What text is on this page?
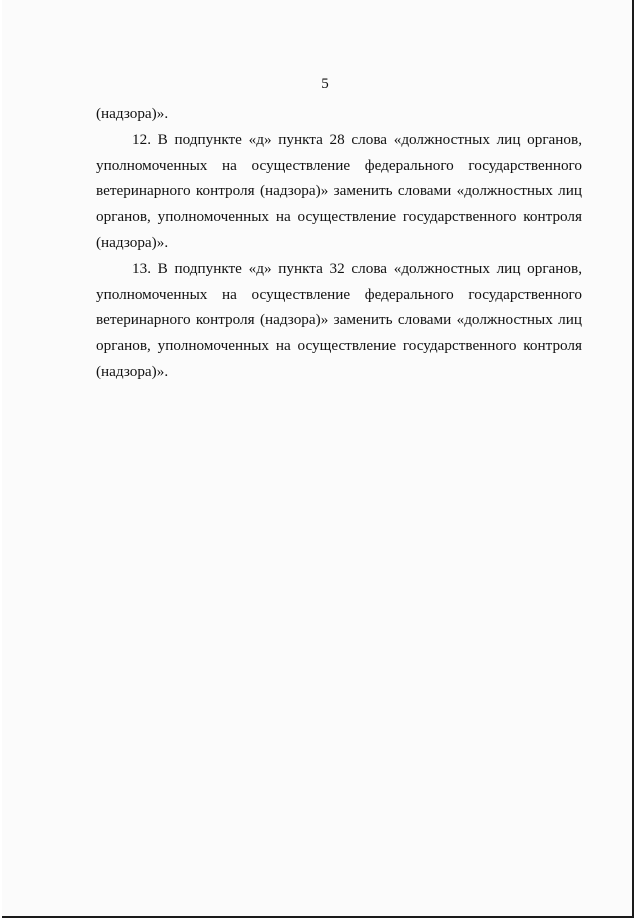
5

(надзора)».

12. В подпункте «д» пункта 28 слова «должностных лиц органов, уполномоченных на осуществление федерального государственного ветеринарного контроля (надзора)» заменить словами «должностных лиц органов, уполномоченных на осуществление государственного контроля (надзора)».

13. В подпункте «д» пункта 32 слова «должностных лиц органов, уполномоченных на осуществление федерального государственного ветеринарного контроля (надзора)» заменить словами «должностных лиц органов, уполномоченных на осуществление государственного контроля (надзора)».
